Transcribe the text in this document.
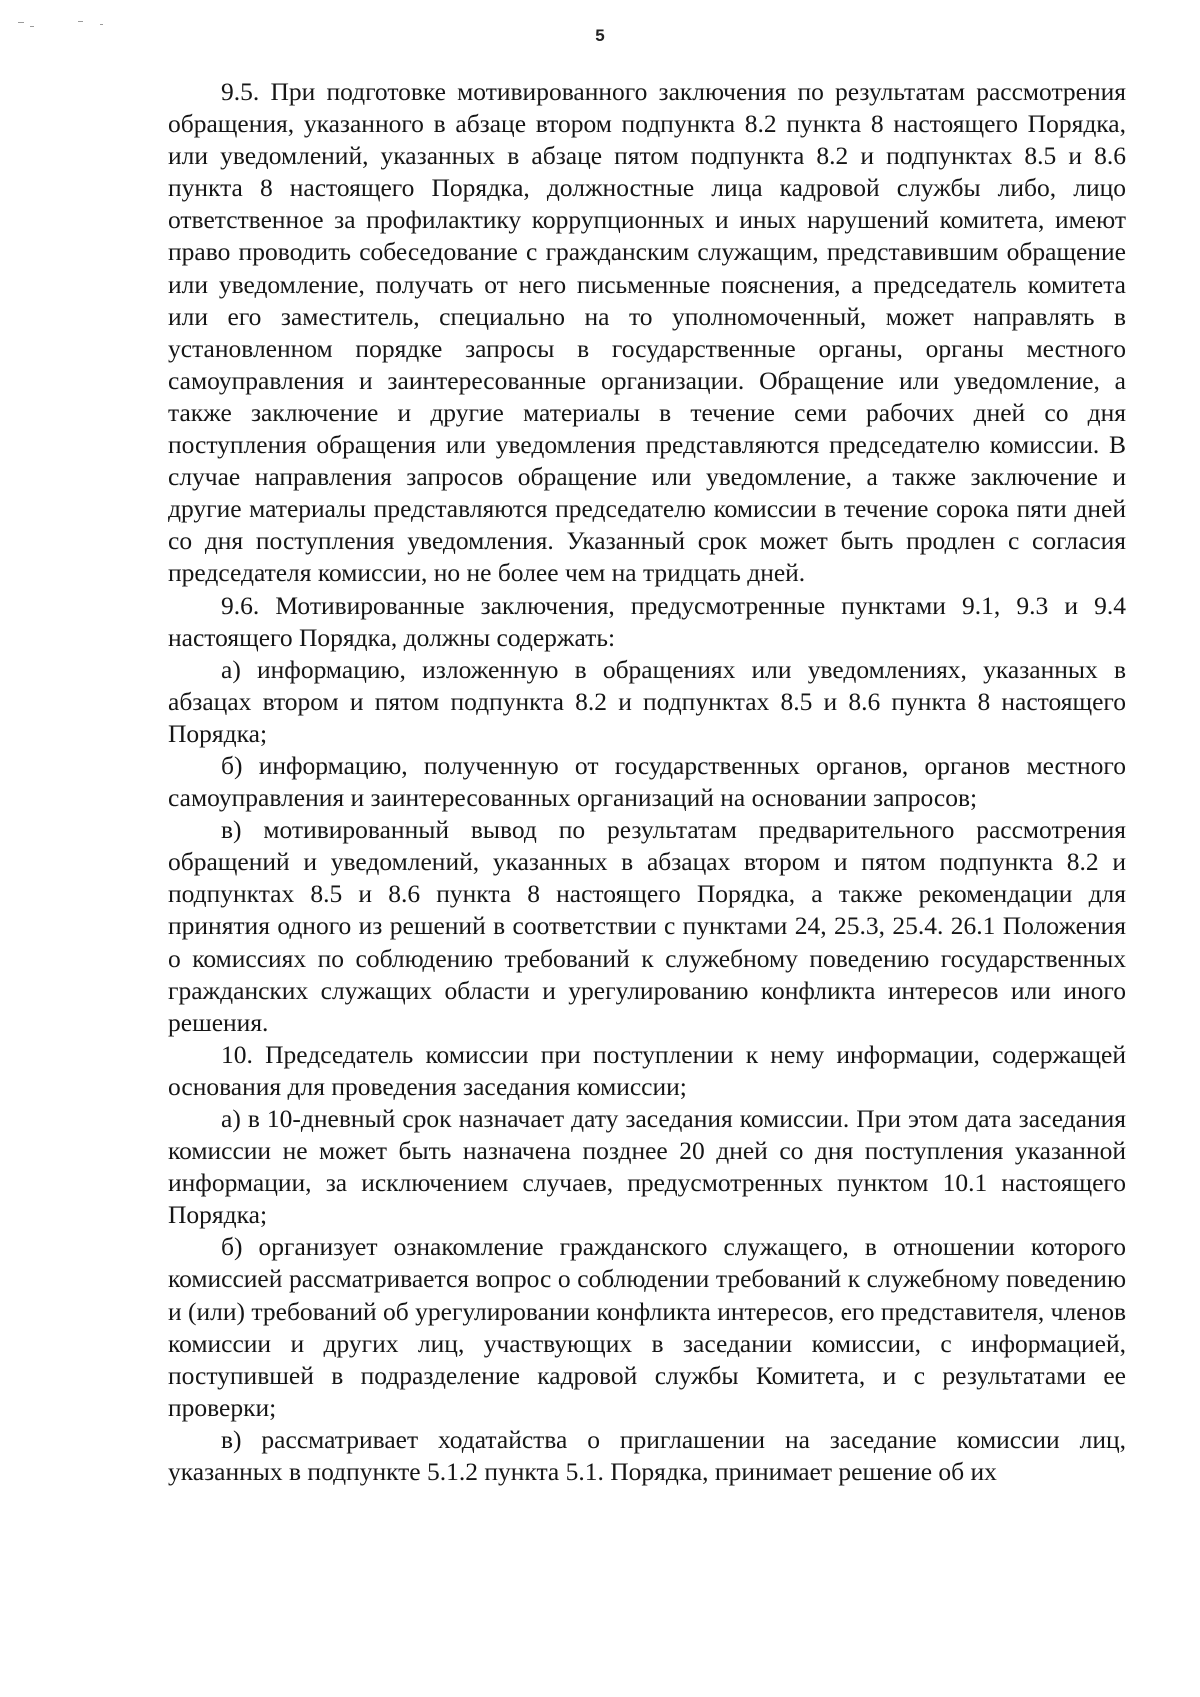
5

9.5. При подготовке мотивированного заключения по результатам рассмотрения обращения, указанного в абзаце втором подпункта 8.2 пункта 8 настоящего Порядка, или уведомлений, указанных в абзаце пятом подпункта 8.2 и подпунктах 8.5 и 8.6 пункта 8 настоящего Порядка, должностные лица кадровой службы либо, лицо ответственное за профилактику коррупционных и иных нарушений комитета, имеют право проводить собеседование с гражданским служащим, представившим обращение или уведомление, получать от него письменные пояснения, а председатель комитета или его заместитель, специально на то уполномоченный, может направлять в установленном порядке запросы в государственные органы, органы местного самоуправления и заинтересованные организации. Обращение или уведомление, а также заключение и другие материалы в течение семи рабочих дней со дня поступления обращения или уведомления представляются председателю комиссии. В случае направления запросов обращение или уведомление, а также заключение и другие материалы представляются председателю комиссии в течение сорока пяти дней со дня поступления уведомления. Указанный срок может быть продлен с согласия председателя комиссии, но не более чем на тридцать дней.

9.6. Мотивированные заключения, предусмотренные пунктами 9.1, 9.3 и 9.4 настоящего Порядка, должны содержать:

а) информацию, изложенную в обращениях или уведомлениях, указанных в абзацах втором и пятом подпункта 8.2 и подпунктах 8.5 и 8.6 пункта 8 настоящего Порядка;

б) информацию, полученную от государственных органов, органов местного самоуправления и заинтересованных организаций на основании запросов;

в) мотивированный вывод по результатам предварительного рассмотрения обращений и уведомлений, указанных в абзацах втором и пятом подпункта 8.2 и подпунктах 8.5 и 8.6 пункта 8 настоящего Порядка, а также рекомендации для принятия одного из решений в соответствии с пунктами 24, 25.3, 25.4. 26.1 Положения о комиссиях по соблюдению требований к служебному поведению государственных гражданских служащих области и урегулированию конфликта интересов или иного решения.

10. Председатель комиссии при поступлении к нему информации, содержащей основания для проведения заседания комиссии;

а) в 10-дневный срок назначает дату заседания комиссии. При этом дата заседания комиссии не может быть назначена позднее 20 дней со дня поступления указанной информации, за исключением случаев, предусмотренных пунктом 10.1 настоящего Порядка;

б) организует ознакомление гражданского служащего, в отношении которого комиссией рассматривается вопрос о соблюдении требований к служебному поведению и (или) требований об урегулировании конфликта интересов, его представителя, членов комиссии и других лиц, участвующих в заседании комиссии, с информацией, поступившей в подразделение кадровой службы Комитета, и с результатами ее проверки;

в) рассматривает ходатайства о приглашении на заседание комиссии лиц, указанных в подпункте 5.1.2 пункта 5.1. Порядка, принимает решение об их
